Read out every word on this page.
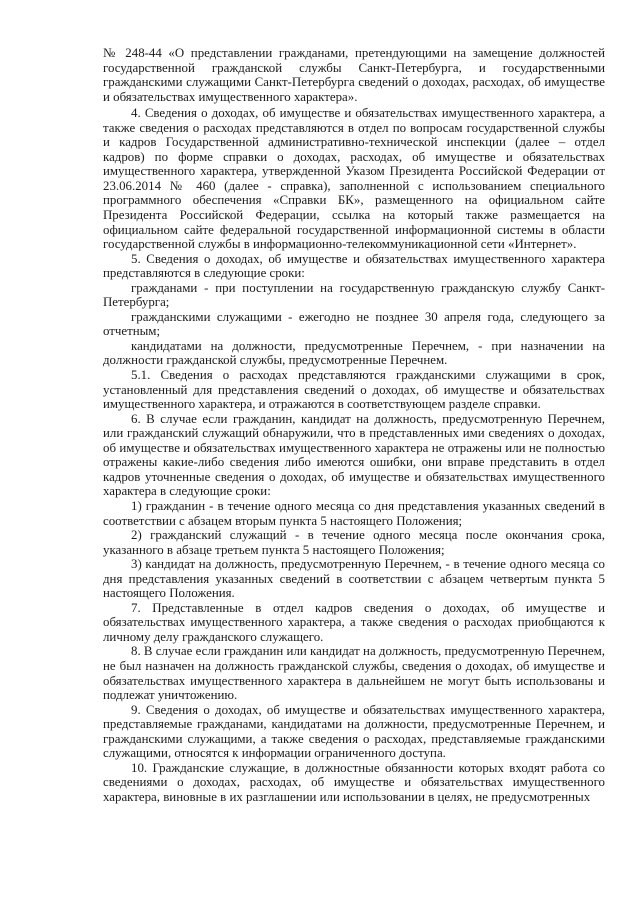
№ 248-44 «О представлении гражданами, претендующими на замещение должностей государственной гражданской службы Санкт-Петербурга, и государственными гражданскими служащими Санкт-Петербурга сведений о доходах, расходах, об имуществе и обязательствах имущественного характера».

4. Сведения о доходах, об имуществе и обязательствах имущественного характера, а также сведения о расходах представляются в отдел по вопросам государственной службы и кадров Государственной административно-технической инспекции (далее – отдел кадров) по форме справки о доходах, расходах, об имуществе и обязательствах имущественного характера, утвержденной Указом Президента Российской Федерации от 23.06.2014 № 460 (далее - справка), заполненной с использованием специального программного обеспечения «Справки БК», размещенного на официальном сайте Президента Российской Федерации, ссылка на который также размещается на официальном сайте федеральной государственной информационной системы в области государственной службы в информационно-телекоммуникационной сети «Интернет».

5. Сведения о доходах, об имуществе и обязательствах имущественного характера представляются в следующие сроки:

гражданами - при поступлении на государственную гражданскую службу Санкт-Петербурга;

гражданскими служащими - ежегодно не позднее 30 апреля года, следующего за отчетным;

кандидатами на должности, предусмотренные Перечнем, - при назначении на должности гражданской службы, предусмотренные Перечнем.

5.1. Сведения о расходах представляются гражданскими служащими в срок, установленный для представления сведений о доходах, об имуществе и обязательствах имущественного характера, и отражаются в соответствующем разделе справки.

6. В случае если гражданин, кандидат на должность, предусмотренную Перечнем, или гражданский служащий обнаружили, что в представленных ими сведениях о доходах, об имуществе и обязательствах имущественного характера не отражены или не полностью отражены какие-либо сведения либо имеются ошибки, они вправе представить в отдел кадров уточненные сведения о доходах, об имуществе и обязательствах имущественного характера в следующие сроки:

1) гражданин - в течение одного месяца со дня представления указанных сведений в соответствии с абзацем вторым пункта 5 настоящего Положения;

2) гражданский служащий - в течение одного месяца после окончания срока, указанного в абзаце третьем пункта 5 настоящего Положения;

3) кандидат на должность, предусмотренную Перечнем, - в течение одного месяца со дня представления указанных сведений в соответствии с абзацем четвертым пункта 5 настоящего Положения.

7. Представленные в отдел кадров сведения о доходах, об имуществе и обязательствах имущественного характера, а также сведения о расходах приобщаются к личному делу гражданского служащего.

8. В случае если гражданин или кандидат на должность, предусмотренную Перечнем, не был назначен на должность гражданской службы, сведения о доходах, об имуществе и обязательствах имущественного характера в дальнейшем не могут быть использованы и подлежат уничтожению.

9. Сведения о доходах, об имуществе и обязательствах имущественного характера, представляемые гражданами, кандидатами на должности, предусмотренные Перечнем, и гражданскими служащими, а также сведения о расходах, представляемые гражданскими служащими, относятся к информации ограниченного доступа.

10. Гражданские служащие, в должностные обязанности которых входят работа со сведениями о доходах, расходах, об имуществе и обязательствах имущественного характера, виновные в их разглашении или использовании в целях, не предусмотренных
